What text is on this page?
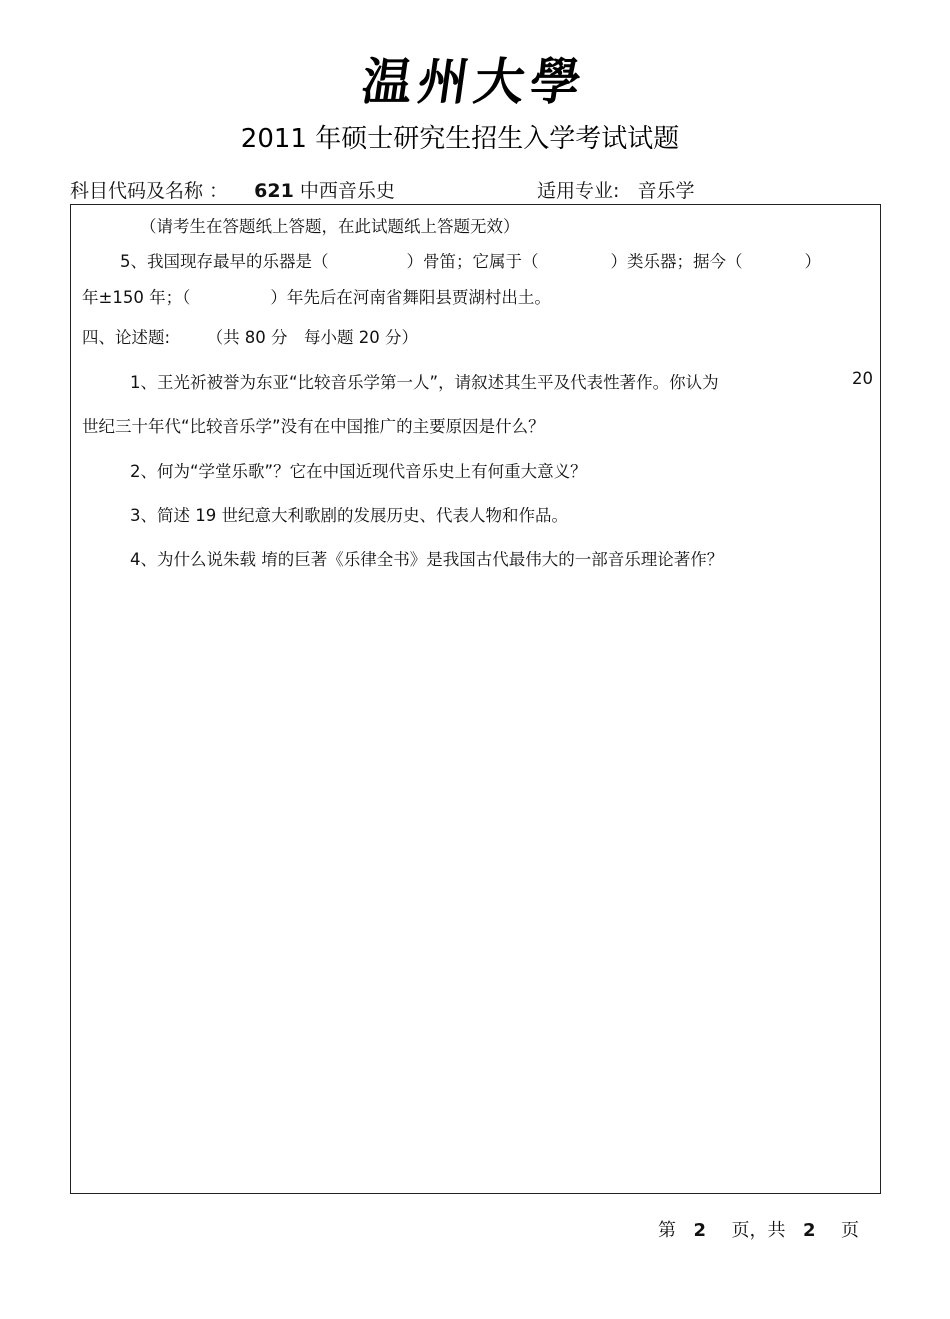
温州大學
2011 年硕士研究生招生入学考试试题
科目代码及名称 ： 621 中西音乐史	适用专业: 音乐学
（请考生在答题纸上答题，在此试题纸上答题无效）
5、我国现存最早的乐器是（	）骨笛；它属于（	）类乐器；据今（	）
年±150 年；（	）年先后在河南省舞阳县贾湖村出土。
四、论述题: （共 80 分　每小题 20 分）
1、王光祈被誉为东亚“比较音乐学第一人”，请叙述其生平及代表性著作。你认为	20
世纪三十年代“比较音乐学”没有在中国推广的主要原因是什么？
2、何为“学堂乐歌”？它在中国近现代音乐史上有何重大意义？
3、简述 19 世纪意大利歌剧的发展历史、代表人物和作品。
4、为什么说朱载 堉的巨著《乐律全书》是我国古代最伟大的一部音乐理论著作？
第 2 页，共 2 页
